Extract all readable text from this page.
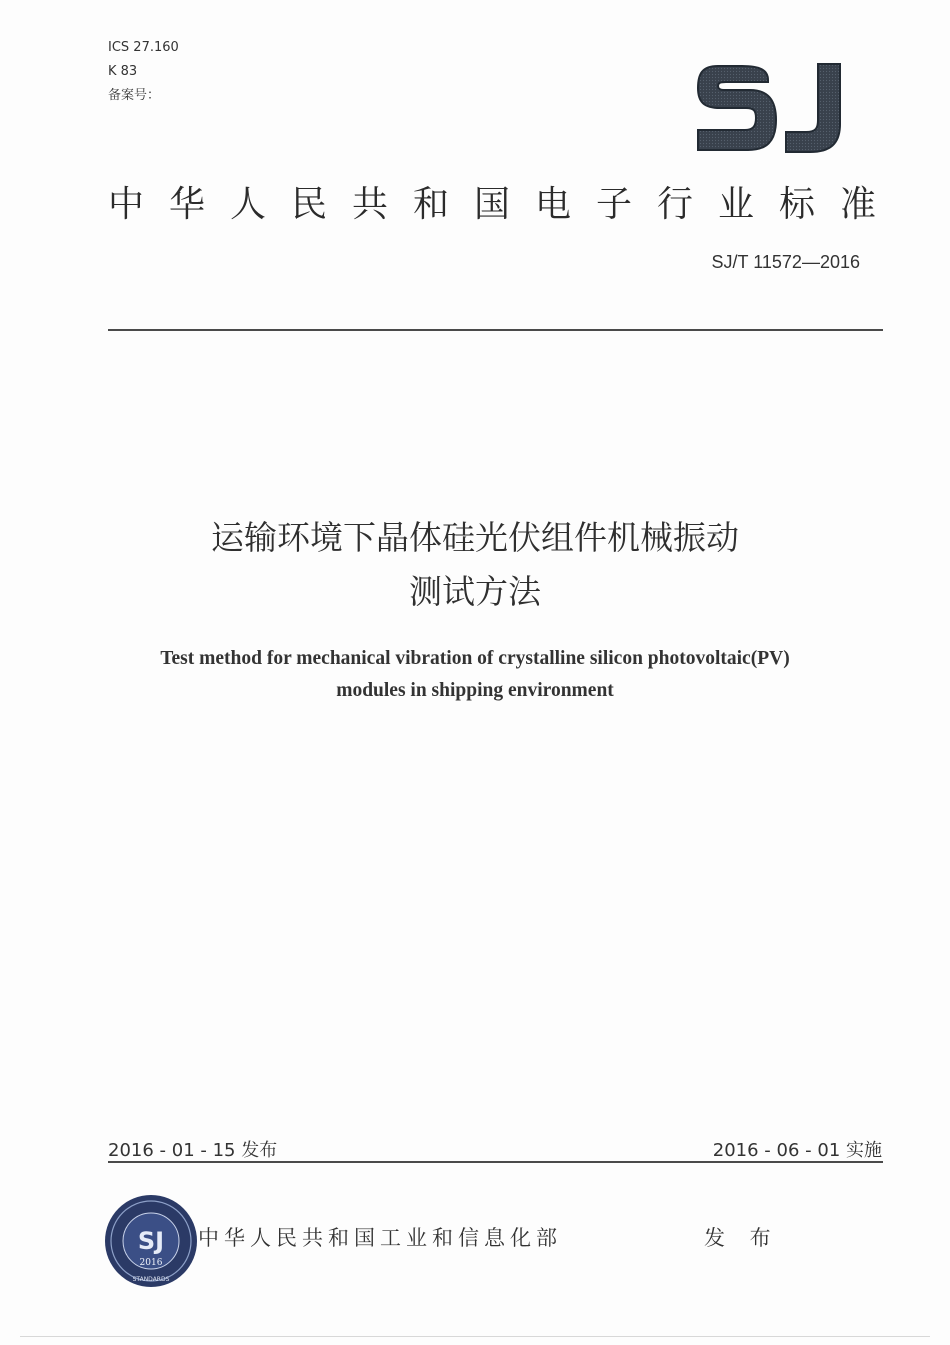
ICS 27.160
K 83
备案号：
中华人民共和国电子行业标准
SJ/T 11572—2016
运输环境下晶体硅光伏组件机械振动
测试方法
Test method for mechanical vibration of crystalline silicon photovoltaic(PV)
modules in shipping environment
2016 - 01 - 15 发布	2016 - 06 - 01 实施
SJ
2016
STANDARDS
中华人民共和国工业和信息化部	发 布
